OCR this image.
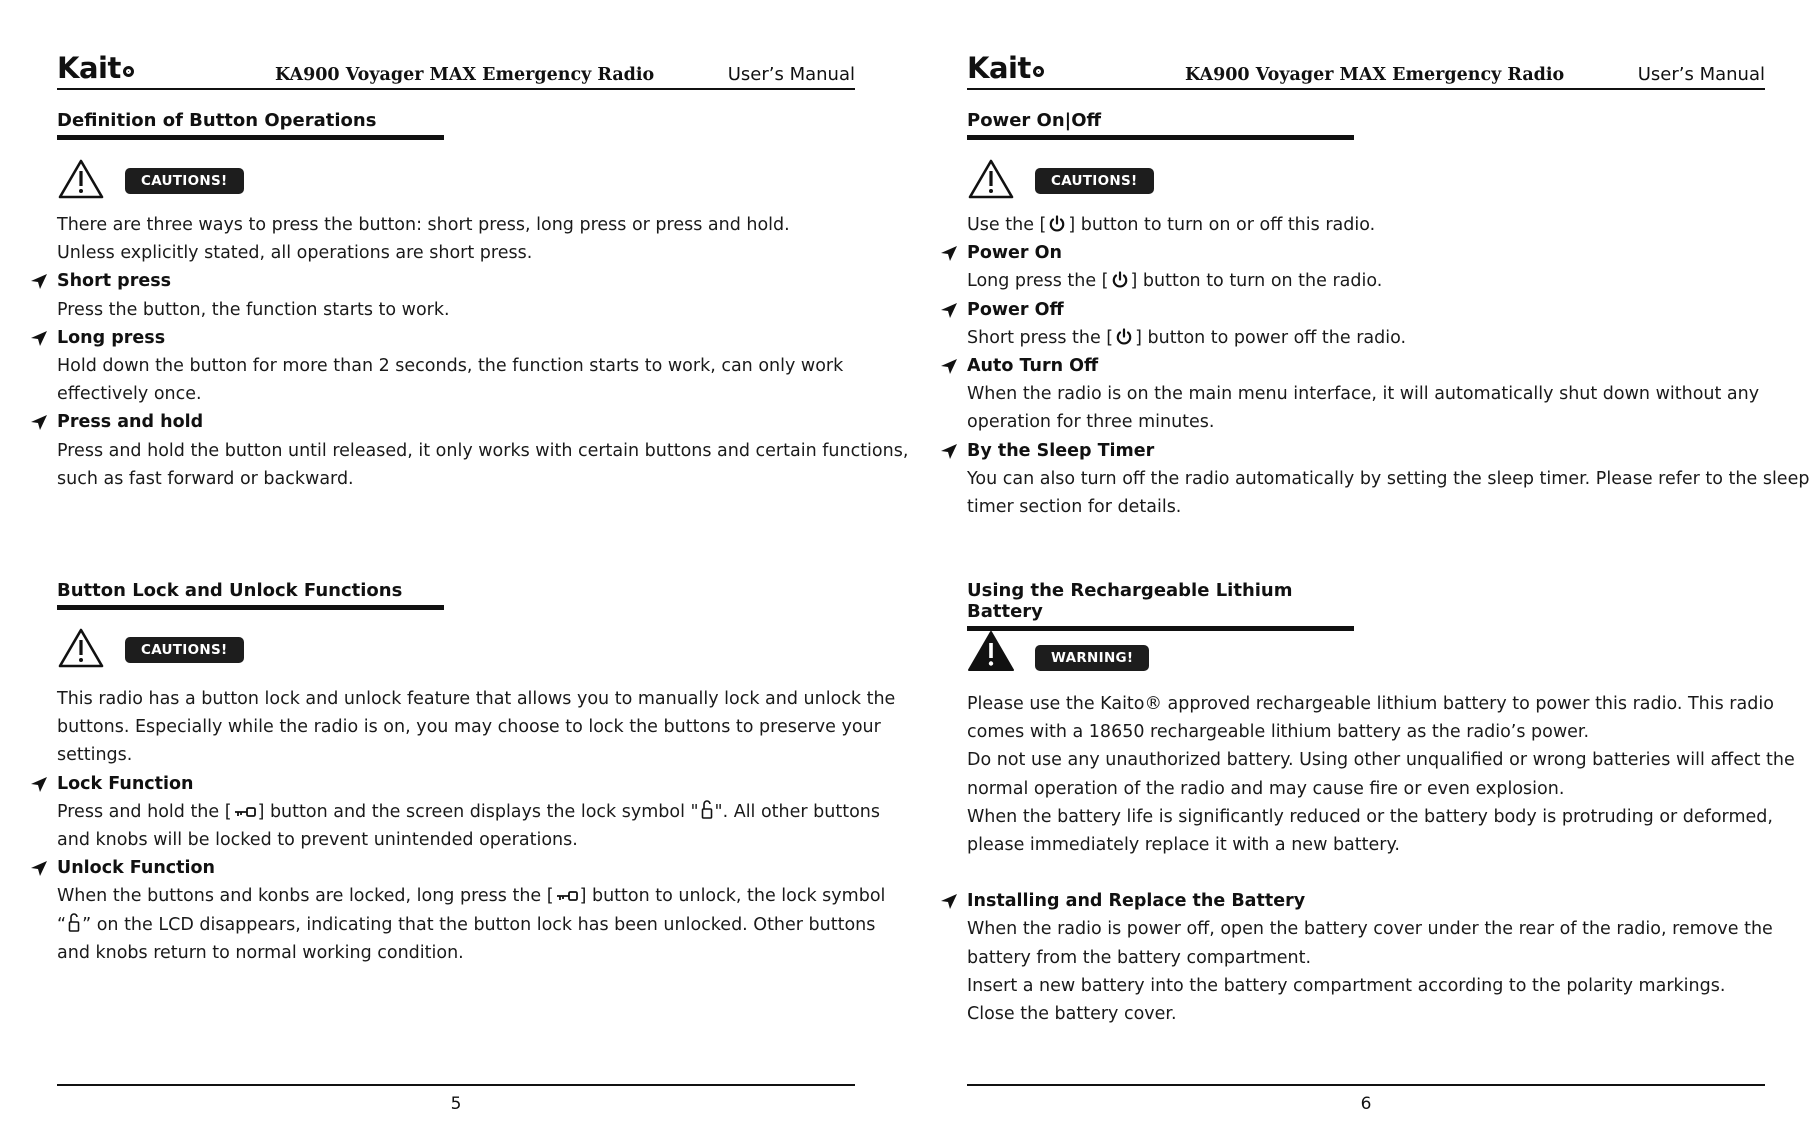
Kait	KA900 Voyager MAX Emergency Radio	User’s Manual
Definition of Button Operations
CAUTIONS!
There are three ways to press the button: short press, long press or press and hold.
Unless explicitly stated, all operations are short press.
Short press
Press the button, the function starts to work.
Long press
Hold down the button for more than 2 seconds, the function starts to work, can only work
effectively once.
Press and hold
Press and hold the button until released, it only works with certain buttons and certain functions,
such as fast forward or backward.
Button Lock and Unlock Functions
CAUTIONS!
This radio has a button lock and unlock feature that allows you to manually lock and unlock the
buttons. Especially while the radio is on, you may choose to lock the buttons to preserve your
settings.
Lock Function
Press and hold the [ ] button and the screen displays the lock symbol " ". All other buttons
and knobs will be locked to prevent unintended operations.
Unlock Function
When the buttons and konbs are locked, long press the [ ] button to unlock, the lock symbol
“ ” on the LCD disappears, indicating that the button lock has been unlocked. Other buttons
and knobs return to normal working condition.
5
Kait	KA900 Voyager MAX Emergency Radio	User’s Manual
Power On|Off
CAUTIONS!
Use the [ ] button to turn on or off this radio.
Power On
Long press the [ ] button to turn on the radio.
Power Off
Short press the [ ] button to power off the radio.
Auto Turn Off
When the radio is on the main menu interface, it will automatically shut down without any
operation for three minutes.
By the Sleep Timer
You can also turn off the radio automatically by setting the sleep timer. Please refer to the sleep
timer section for details.
Using the Rechargeable Lithium Battery
WARNING!
Please use the Kaito® approved rechargeable lithium battery to power this radio. This radio
comes with a 18650 rechargeable lithium battery as the radio’s power.
Do not use any unauthorized battery. Using other unqualified or wrong batteries will affect the
normal operation of the radio and may cause fire or even explosion.
When the battery life is significantly reduced or the battery body is protruding or deformed,
please immediately replace it with a new battery.
Installing and Replace the Battery
When the radio is power off, open the battery cover under the rear of the radio, remove the
battery from the battery compartment.
Insert a new battery into the battery compartment according to the polarity markings.
Close the battery cover.
6
